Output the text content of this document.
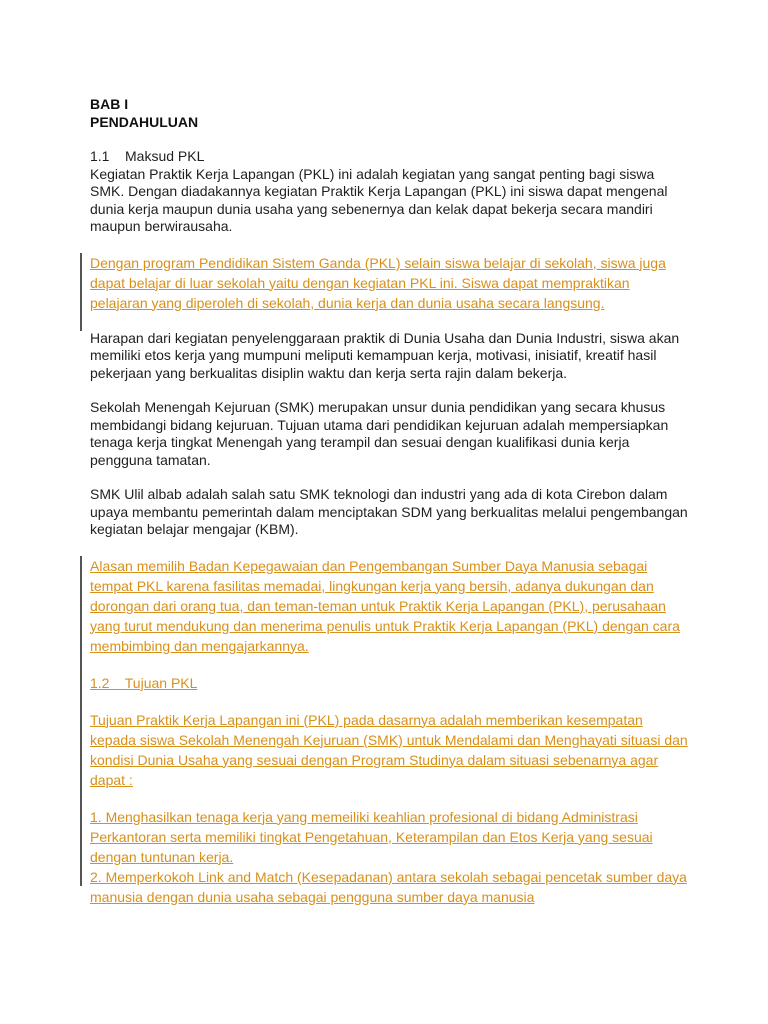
BAB I
PENDAHULUAN
1.1    Maksud PKL

Kegiatan Praktik Kerja Lapangan (PKL) ini adalah kegiatan yang sangat penting bagi siswa SMK. Dengan diadakannya kegiatan Praktik Kerja Lapangan (PKL) ini siswa dapat mengenal dunia kerja maupun dunia usaha yang sebenernya dan kelak dapat bekerja secara mandiri maupun berwirausaha.

Dengan program Pendidikan Sistem Ganda (PKL) selain siswa belajar di sekolah, siswa juga dapat belajar di luar sekolah yaitu dengan kegiatan PKL ini. Siswa dapat mempraktikan pelajaran yang diperoleh di sekolah, dunia kerja dan dunia usaha secara langsung.

Harapan dari kegiatan penyelenggaraan praktik di Dunia Usaha dan Dunia Industri, siswa akan memiliki etos kerja yang mumpuni meliputi kemampuan kerja, motivasi, inisiatif, kreatif hasil pekerjaan yang berkualitas disiplin waktu dan kerja serta rajin dalam bekerja.

Sekolah Menengah Kejuruan (SMK) merupakan unsur dunia pendidikan yang secara khusus membidangi bidang kejuruan. Tujuan utama dari pendidikan kejuruan adalah mempersiapkan tenaga kerja tingkat Menengah yang terampil dan sesuai dengan kualifikasi dunia kerja pengguna tamatan.

SMK Ulil albab adalah salah satu SMK teknologi dan industri yang ada di kota Cirebon dalam upaya membantu pemerintah dalam menciptakan SDM yang berkualitas melalui pengembangan kegiatan belajar mengajar (KBM).

Alasan memilih Badan Kepegawaian dan Pengembangan Sumber Daya Manusia sebagai tempat PKL karena fasilitas memadai, lingkungan kerja yang bersih, adanya dukungan dan dorongan dari orang tua, dan teman-teman untuk Praktik Kerja Lapangan (PKL), perusahaan yang turut mendukung dan menerima penulis untuk Praktik Kerja Lapangan (PKL) dengan cara membimbing dan mengajarkannya.

1.2    Tujuan PKL

Tujuan Praktik Kerja Lapangan ini (PKL) pada dasarnya adalah memberikan kesempatan kepada siswa Sekolah Menengah Kejuruan (SMK) untuk Mendalami dan Menghayati situasi dan kondisi Dunia Usaha yang sesuai dengan Program Studinya dalam situasi sebenarnya agar dapat :

1. Menghasilkan tenaga kerja yang memeiliki keahlian profesional di bidang Administrasi Perkantoran serta memiliki tingkat Pengetahuan, Keterampilan dan Etos Kerja yang sesuai dengan tuntunan kerja.

2. Memperkokoh Link and Match (Kesepadanan) antara sekolah sebagai pencetak sumber daya manusia dengan dunia usaha sebagai pengguna sumber daya manusia
